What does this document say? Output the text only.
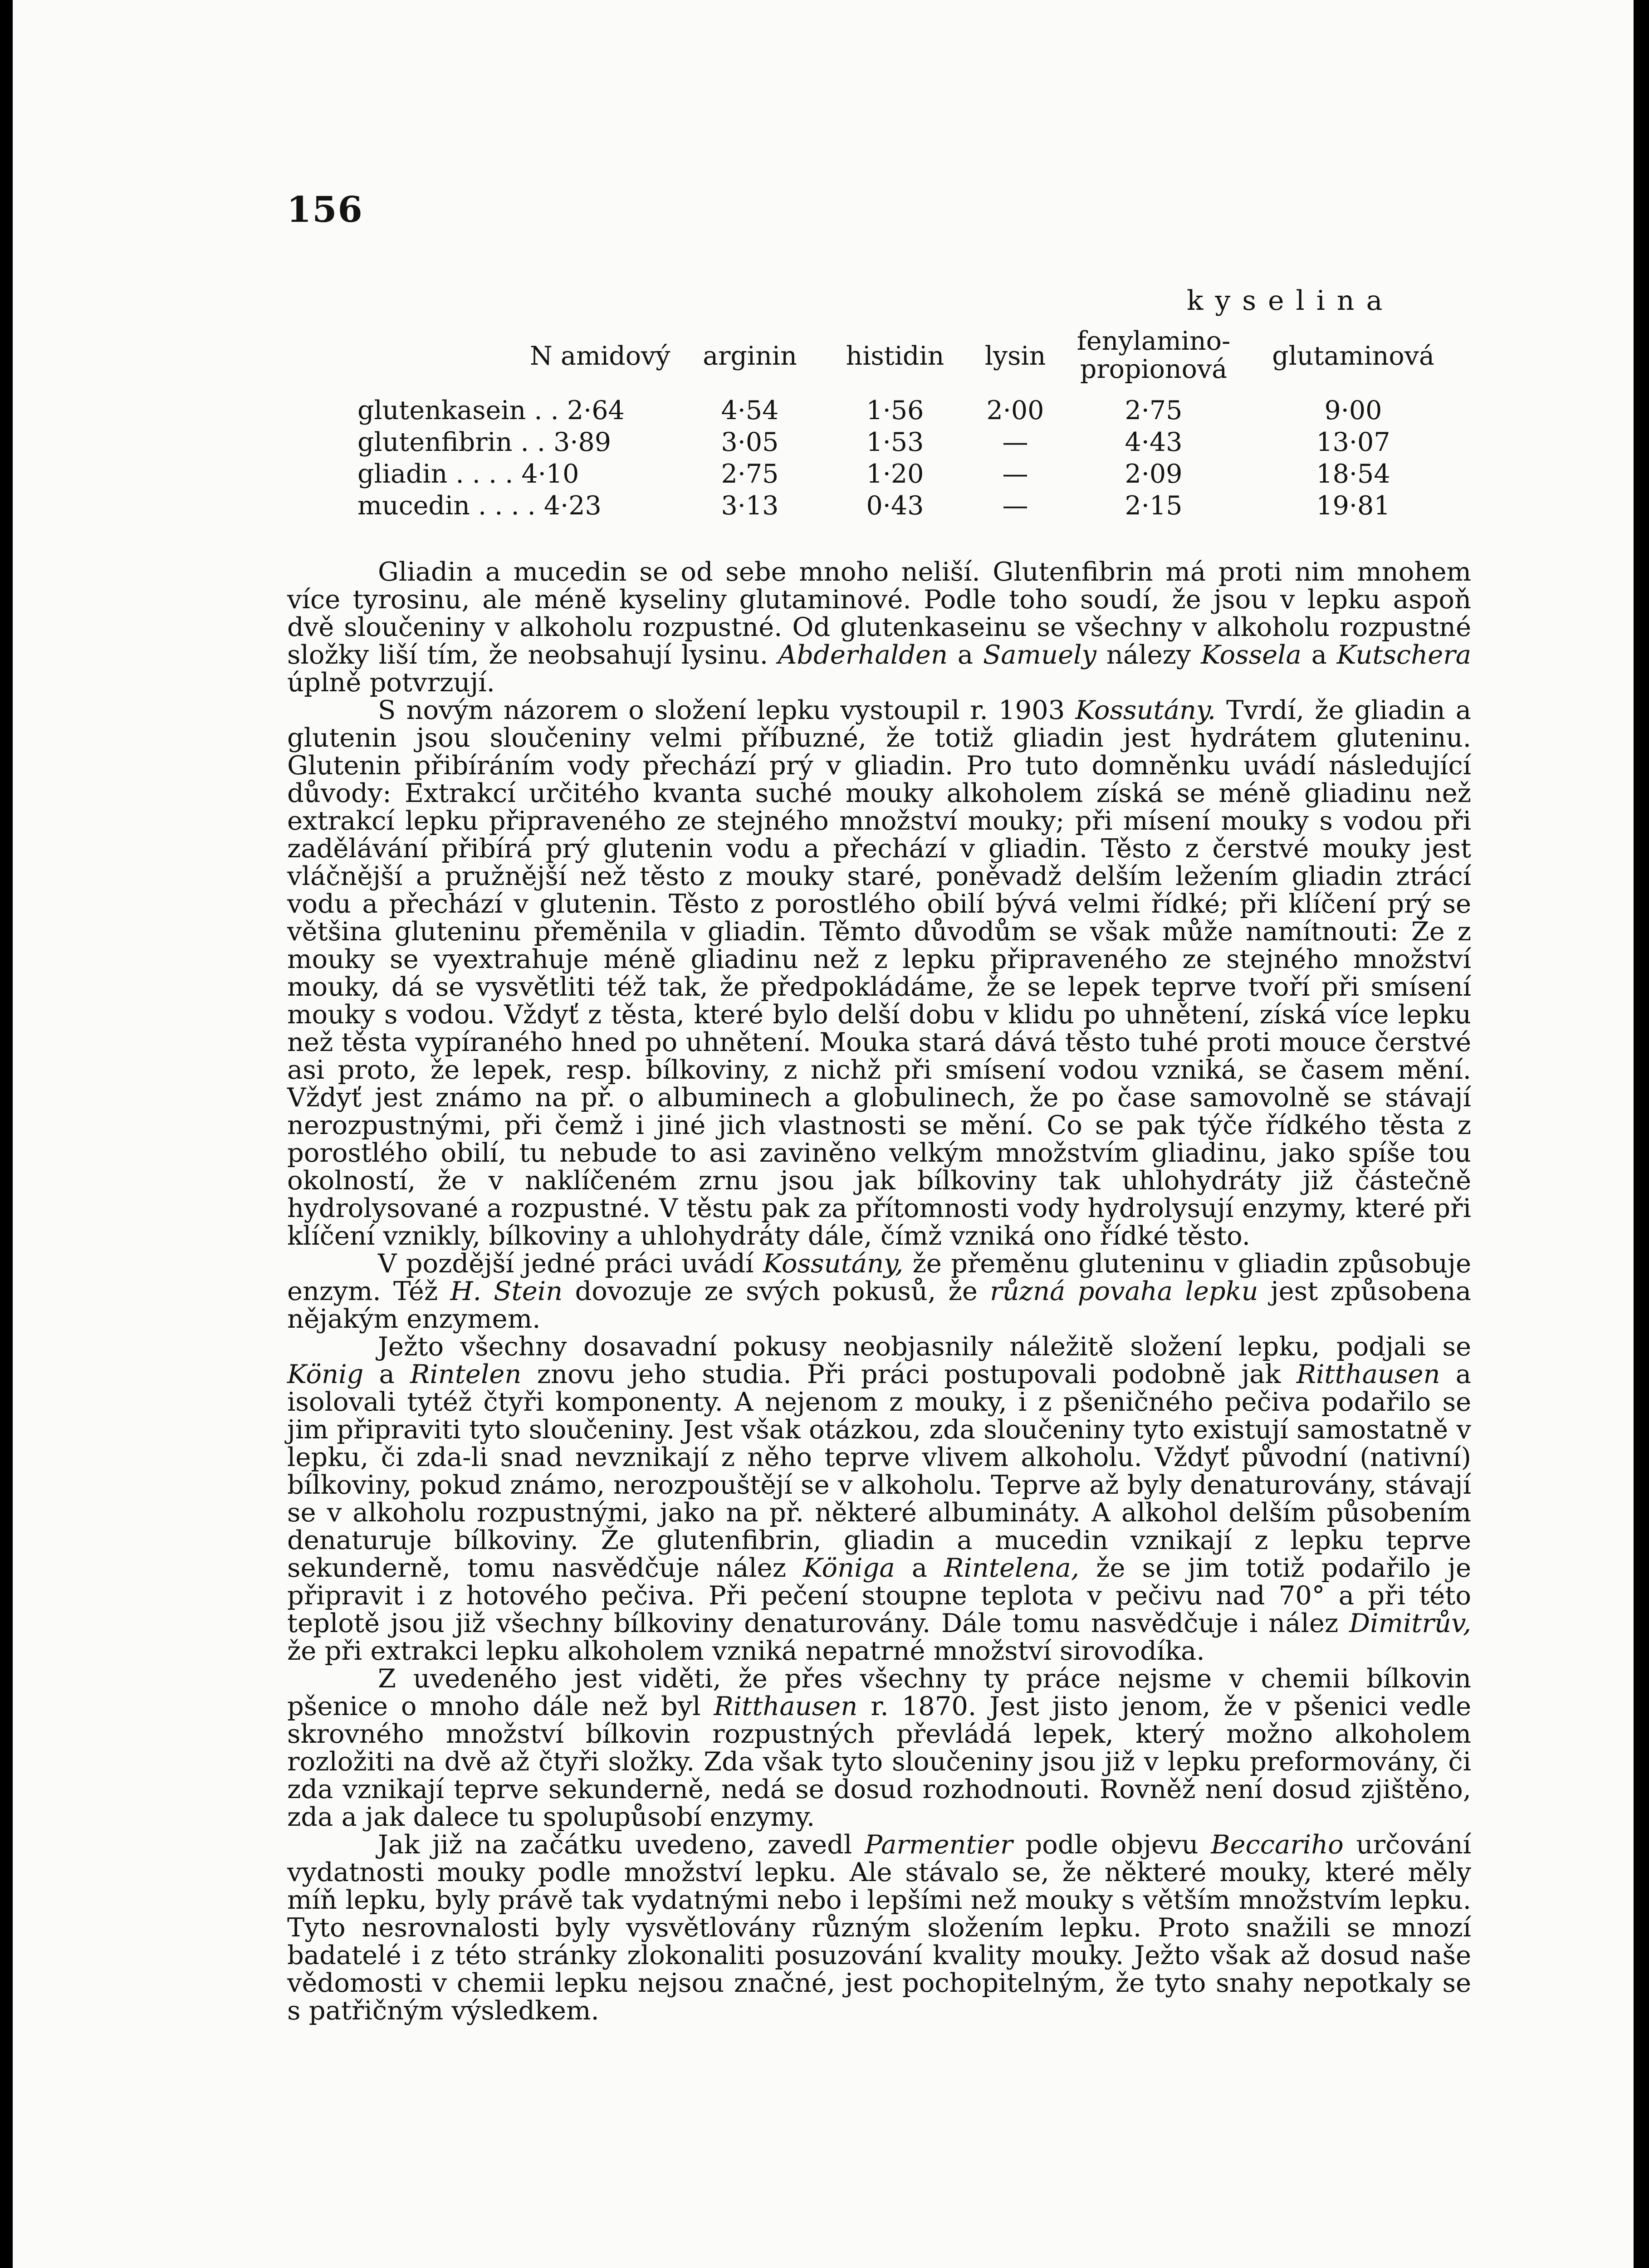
156
kyselina
	N amidový	arginin	histidin	lysin	fenylamino-
propionová	glutaminová
glutenkasein . . 2·64		4·54	1·56	2·00	2·75	9·00
glutenfibrin . . 3·89		3·05	1·53	—	4·43	13·07
gliadin . . . . 4·10		2·75	1·20	—	2·09	18·54
mucedin . . . . 4·23		3·13	0·43	—	2·15	19·81

Gliadin a mucedin se od sebe mnoho neliší. Glutenfibrin má proti nim mnohem více tyrosinu, ale méně kyseliny glutaminové. Podle toho soudí, že jsou v lepku aspoň dvě sloučeniny v alkoholu rozpustné. Od glutenkaseinu se všechny v alkoholu rozpustné složky liší tím, že neobsahují lysinu. Abderhalden a Samuely nálezy Kossela a Kutschera úplně potvrzují.

S novým názorem o složení lepku vystoupil r. 1903 Kossutány. Tvrdí, že gliadin a glutenin jsou sloučeniny velmi příbuzné, že totiž gliadin jest hydrátem gluteninu. Glutenin přibíráním vody přechází prý v gliadin. Pro tuto domněnku uvádí následující důvody: Extrakcí určitého kvanta suché mouky alkoholem získá se méně gliadinu než extrakcí lepku připraveného ze stejného množství mouky; při mísení mouky s vodou při zadělávání přibírá prý glutenin vodu a přechází v gliadin. Těsto z čerstvé mouky jest vláčnější a pružnější než těsto z mouky staré, poněvadž delším ležením gliadin ztrácí vodu a přechází v glutenin. Těsto z porostlého obilí bývá velmi řídké; při klíčení prý se většina gluteninu přeměnila v gliadin. Těmto důvodům se však může namítnouti: Že z mouky se vyextrahuje méně gliadinu než z lepku připraveného ze stejného množství mouky, dá se vysvětliti též tak, že předpokládáme, že se lepek teprve tvoří při smísení mouky s vodou. Vždyť z těsta, které bylo delší dobu v klidu po uhnětení, získá více lepku než těsta vypíraného hned po uhnětení. Mouka stará dává těsto tuhé proti mouce čerstvé asi proto, že lepek, resp. bílkoviny, z nichž při smísení vodou vzniká, se časem mění. Vždyť jest známo na př. o albuminech a globulinech, že po čase samovolně se stávají nerozpustnými, při čemž i jiné jich vlastnosti se mění. Co se pak týče řídkého těsta z porostlého obilí, tu nebude to asi zaviněno velkým množstvím gliadinu, jako spíše tou okolností, že v naklíčeném zrnu jsou jak bílkoviny tak uhlohydráty již částečně hydrolysované a rozpustné. V těstu pak za přítomnosti vody hydrolysují enzymy, které při klíčení vznikly, bílkoviny a uhlohydráty dále, čímž vzniká ono řídké těsto.

V pozdější jedné práci uvádí Kossutány, že přeměnu gluteninu v gliadin způsobuje enzym. Též H. Stein dovozuje ze svých pokusů, že různá povaha lepku jest způsobena nějakým enzymem.

Ježto všechny dosavadní pokusy neobjasnily náležitě složení lepku, podjali se König a Rintelen znovu jeho studia. Při práci postupovali podobně jak Ritthausen a isolovali tytéž čtyři komponenty. A nejenom z mouky, i z pšeničného pečiva podařilo se jim připraviti tyto sloučeniny. Jest však otázkou, zda sloučeniny tyto existují samostatně v lepku, či zda-li snad nevznikají z něho teprve vlivem alkoholu. Vždyť původní (nativní) bílkoviny, pokud známo, nerozpouštějí se v alkoholu. Teprve až byly denaturovány, stávají se v alkoholu rozpustnými, jako na př. některé albumináty. A alkohol delším působením denaturuje bílkoviny. Že glutenfibrin, gliadin a mucedin vznikají z lepku teprve sekunderně, tomu nasvědčuje nález Königa a Rintelena, že se jim totiž podařilo je připravit i z hotového pečiva. Při pečení stoupne teplota v pečivu nad 70° a při této teplotě jsou již všechny bílkoviny denaturovány. Dále tomu nasvědčuje i nález Dimitrův, že při extrakci lepku alkoholem vzniká nepatrné množství sirovodíka.

Z uvedeného jest viděti, že přes všechny ty práce nejsme v chemii bílkovin pšenice o mnoho dále než byl Ritthausen r. 1870. Jest jisto jenom, že v pšenici vedle skrovného množství bílkovin rozpustných převládá lepek, který možno alkoholem rozložiti na dvě až čtyři složky. Zda však tyto sloučeniny jsou již v lepku preformovány, či zda vznikají teprve sekunderně, nedá se dosud rozhodnouti. Rovněž není dosud zjištěno, zda a jak dalece tu spolupůsobí enzymy.

Jak již na začátku uvedeno, zavedl Parmentier podle objevu Beccariho určování vydatnosti mouky podle množství lepku. Ale stávalo se, že některé mouky, které měly míň lepku, byly právě tak vydatnými nebo i lepšími než mouky s větším množstvím lepku. Tyto nesrovnalosti byly vysvětlovány různým složením lepku. Proto snažili se mnozí badatelé i z této stránky zlokonaliti posuzování kvality mouky. Ježto však až dosud naše vědomosti v chemii lepku nejsou značné, jest pochopitelným, že tyto snahy nepotkaly se s patřičným výsledkem.
